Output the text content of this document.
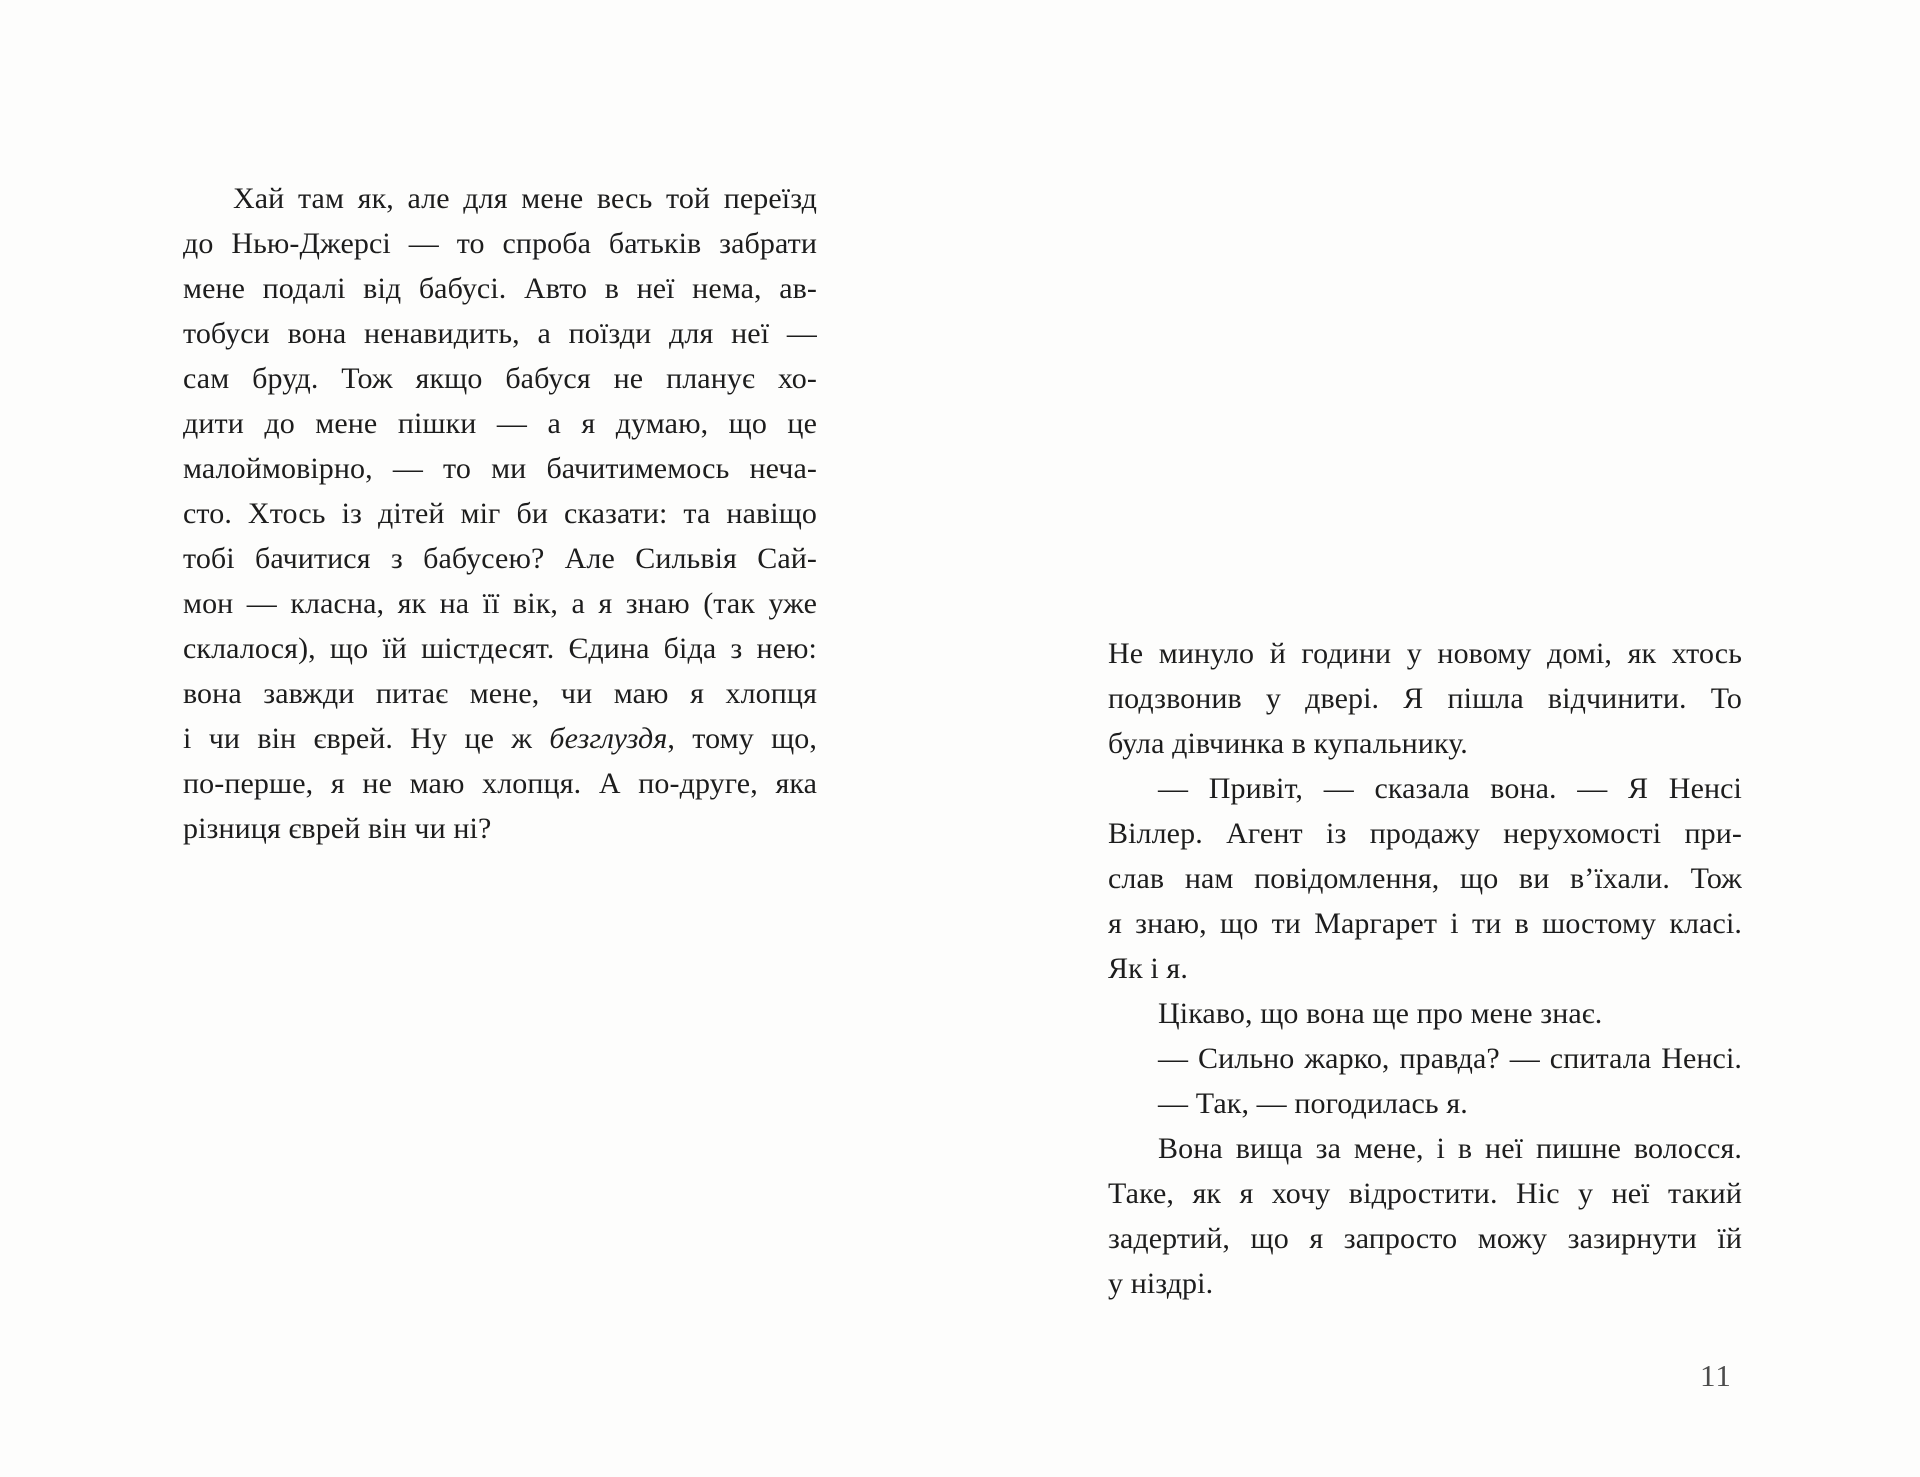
Хай там як, але для мене весь той переїзд
до Нью-Джерсі — то спроба батьків забрати
мене подалі від бабусі. Авто в неї нема, ав-
тобуси вона ненавидить, а поїзди для неї —
сам бруд. Тож якщо бабуся не планує хо-
дити до мене пішки — а я думаю, що це
малоймовірно, — то ми бачитимемось неча-
сто. Хтось із дітей міг би сказати: та навіщо
тобі бачитися з бабусею? Але Сильвія Сай-
мон — класна, як на її вік, а я знаю (так уже
склалося), що їй шістдесят. Єдина біда з нею:
вона завжди питає мене, чи маю я хлопця
і чи він єврей. Ну це ж безглуздя, тому що,
по-перше, я не маю хлопця. А по-друге, яка
різниця єврей він чи ні?
Не минуло й години у новому домі, як хтось
подзвонив у двері. Я пішла відчинити. То
була дівчинка в купальнику.
— Привіт, — сказала вона. — Я Ненсі
Віллер. Агент із продажу нерухомості при-
слав нам повідомлення, що ви в’їхали. Тож
я знаю, що ти Маргарет і ти в шостому класі.
Як і я.
Цікаво, що вона ще про мене знає.
— Сильно жарко, правда? — спитала Ненсі.
— Так, — погодилась я.
Вона вища за мене, і в неї пишне волосся.
Таке, як я хочу відростити. Ніс у неї такий
задертий, що я запросто можу зазирнути їй
у ніздрі.
11
